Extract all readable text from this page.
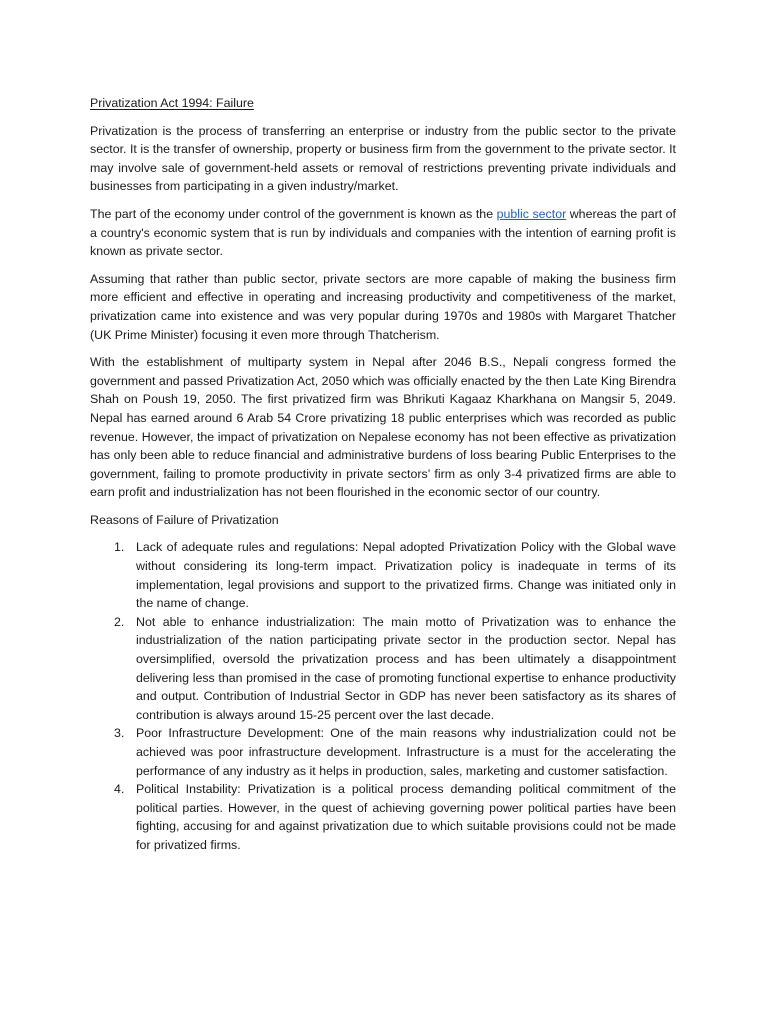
Privatization Act 1994: Failure

Privatization is the process of transferring an enterprise or industry from the public sector to the private sector. It is the transfer of ownership, property or business firm from the government to the private sector. It may involve sale of government-held assets or removal of restrictions preventing private individuals and businesses from participating in a given industry/market.

The part of the economy under control of the government is known as the public sector whereas the part of a country's economic system that is run by individuals and companies with the intention of earning profit is known as private sector.

Assuming that rather than public sector, private sectors are more capable of making the business firm more efficient and effective in operating and increasing productivity and competitiveness of the market, privatization came into existence and was very popular during 1970s and 1980s with Margaret Thatcher (UK Prime Minister) focusing it even more through Thatcherism.

With the establishment of multiparty system in Nepal after 2046 B.S., Nepali congress formed the government and passed Privatization Act, 2050 which was officially enacted by the then Late King Birendra Shah on Poush 19, 2050. The first privatized firm was Bhrikuti Kagaaz Kharkhana on Mangsir 5, 2049. Nepal has earned around 6 Arab 54 Crore privatizing 18 public enterprises which was recorded as public revenue. However, the impact of privatization on Nepalese economy has not been effective as privatization has only been able to reduce financial and administrative burdens of loss bearing Public Enterprises to the government, failing to promote productivity in private sectors’ firm as only 3-4 privatized firms are able to earn profit and industrialization has not been flourished in the economic sector of our country.

Reasons of Failure of Privatization

1. Lack of adequate rules and regulations: Nepal adopted Privatization Policy with the Global wave without considering its long-term impact. Privatization policy is inadequate in terms of its implementation, legal provisions and support to the privatized firms. Change was initiated only in the name of change.
2. Not able to enhance industrialization: The main motto of Privatization was to enhance the industrialization of the nation participating private sector in the production sector. Nepal has oversimplified, oversold the privatization process and has been ultimately a disappointment delivering less than promised in the case of promoting functional expertise to enhance productivity and output. Contribution of Industrial Sector in GDP has never been satisfactory as its shares of contribution is always around 15-25 percent over the last decade.
3. Poor Infrastructure Development: One of the main reasons why industrialization could not be achieved was poor infrastructure development. Infrastructure is a must for the accelerating the performance of any industry as it helps in production, sales, marketing and customer satisfaction.
4. Political Instability: Privatization is a political process demanding political commitment of the political parties. However, in the quest of achieving governing power political parties have been fighting, accusing for and against privatization due to which suitable provisions could not be made for privatized firms.
